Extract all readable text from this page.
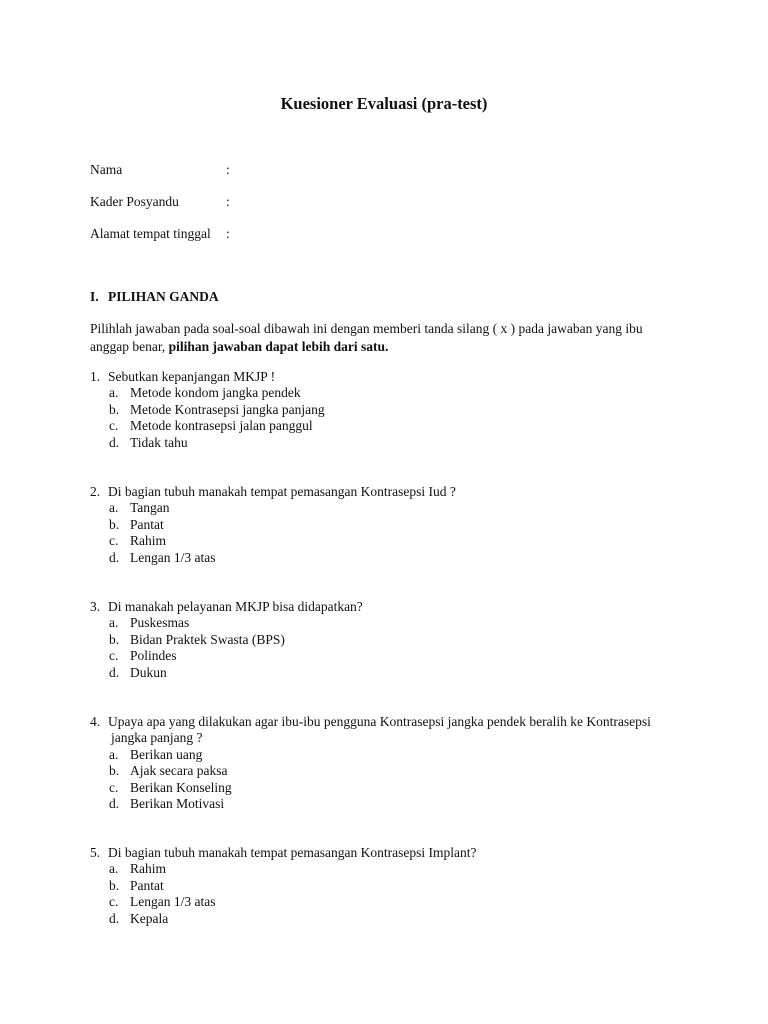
Kuesioner Evaluasi (pra-test)
Nama	:
Kader Posyandu	:
Alamat tempat tinggal :
I. PILIHAN GANDA
Pilihlah jawaban pada soal-soal dibawah ini dengan memberi tanda silang ( x ) pada jawaban yang ibu anggap benar, pilihan jawaban dapat lebih dari satu.
1. Sebutkan kepanjangan MKJP !
a. Metode kondom jangka pendek
b. Metode Kontrasepsi jangka panjang
c. Metode kontrasepsi jalan panggul
d. Tidak tahu
2. Di bagian tubuh manakah tempat pemasangan Kontrasepsi Iud ?
a. Tangan
b. Pantat
c. Rahim
d. Lengan 1/3 atas
3. Di manakah pelayanan MKJP bisa didapatkan?
a. Puskesmas
b. Bidan Praktek Swasta (BPS)
c. Polindes
d. Dukun
4. Upaya apa yang dilakukan agar ibu-ibu pengguna Kontrasepsi jangka pendek beralih ke Kontrasepsi
jangka panjang ?
a. Berikan uang
b. Ajak secara paksa
c. Berikan Konseling
d. Berikan Motivasi
5. Di bagian tubuh manakah tempat pemasangan Kontrasepsi Implant?
a. Rahim
b. Pantat
c. Lengan 1/3 atas
d. Kepala
